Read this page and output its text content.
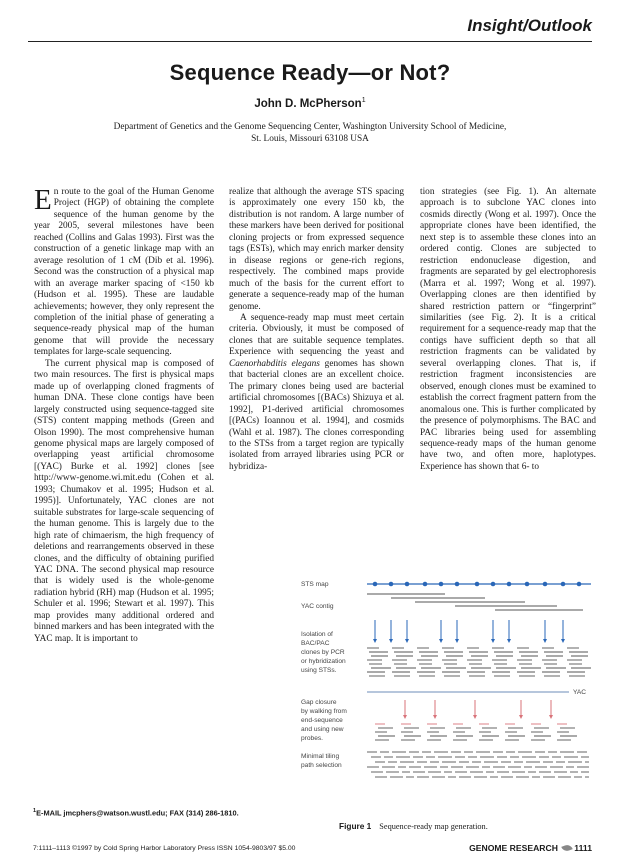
Insight/Outlook
Sequence Ready—or Not?
John D. McPherson$^1$
Department of Genetics and the Genome Sequencing Center, Washington University School of Medicine, St. Louis, Missouri 63108 USA

En route to the goal of the Human Genome Project (HGP) of obtaining the complete sequence of the human genome by the year 2005, several milestones have been reached (Collins and Galas 1993). First was the construction of a genetic linkage map with an average resolution of 1 cM (Dib et al. 1996). Second was the construction of a physical map with an average marker spacing of <150 kb (Hudson et al. 1995). These are laudable achievements; however, they only represent the completion of the initial phase of generating a sequence-ready physical map of the human genome that will provide the necessary templates for large-scale sequencing.

The current physical map is composed of two main resources. The first is physical maps made up of overlapping cloned fragments of human DNA. These clone contigs have been largely constructed using sequence-tagged site (STS) content mapping methods (Green and Olson 1990). The most comprehensive human genome physical maps are largely composed of overlapping yeast artificial chromosome [(YAC) Burke et al. 1992] clones [see http://www-genome.wi.mit.edu (Cohen et al. 1993; Chumakov et al. 1995; Hudson et al. 1995)]. Unfortunately, YAC clones are not suitable substrates for large-scale sequencing of the human genome. This is largely due to the high rate of chimaerism, the high frequency of deletions and rearrangements observed in these clones, and the difficulty of obtaining purified YAC DNA. The second physical map resource that is widely used is the whole-genome radiation hybrid (RH) map (Hudson et al. 1995; Schuler et al. 1996; Stewart et al. 1997). This map provides many additional ordered and binned markers and has been integrated with the YAC map. It is important to

realize that although the average STS spacing is approximately one every 150 kb, the distribution is not random. A large number of these markers have been derived for positional cloning projects or from expressed sequence tags (ESTs), which may enrich marker density in disease regions or gene-rich regions, respectively. The combined maps provide much of the basis for the current effort to generate a sequence-ready map of the human genome.

A sequence-ready map must meet certain criteria. Obviously, it must be composed of clones that are suitable sequence templates. Experience with sequencing the yeast and Caenorhabditis elegans genomes has shown that bacterial clones are an excellent choice. The primary clones being used are bacterial artificial chromosomes [(BACs) Shizuya et al. 1992], P1-derived artificial chromosomes [(PACs) Ioannou et al. 1994], and cosmids (Wahl et al. 1987). The clones corresponding to the STSs from a target region are typically isolated from arrayed libraries using PCR or hybridiza-

tion strategies (see Fig. 1). An alternate approach is to subclone YAC clones into cosmids directly (Wong et al. 1997). Once the appropriate clones have been identified, the next step is to assemble these clones into an ordered contig. Clones are subjected to restriction endonuclease digestion, and fragments are separated by gel electrophoresis (Marra et al. 1997; Wong et al. 1997). Overlapping clones are then identified by shared restriction pattern or “fingerprint” similarities (see Fig. 2). It is a critical requirement for a sequence-ready map that the contigs have sufficient depth so that all restriction fragments can be validated by several overlapping clones. That is, if restriction fragment inconsistencies are observed, enough clones must be examined to establish the correct fragment pattern from the anomalous one. This is further complicated by the presence of polymorphisms. The BAC and PAC libraries being used for assembling sequence-ready maps of the human genome have two, and often more, haplotypes. Experience has shown that 6- to

STS map
YAC contig
Isolation of
BAC/PAC
clones by PCR
or hybridization
using STSs.
YAC
Gap closure
by walking from
end-sequence
and using new
probes.
Minimal tiling
path selection
Figure 1 Sequence-ready map generation.
$^1$E-MAIL jmcphers@watson.wustl.edu; FAX (314) 286-1810.
7:1111–1113 ©1997 by Cold Spring Harbor Laboratory Press ISSN 1054-9803/97 $5.00	GENOME RESEARCH 1111
